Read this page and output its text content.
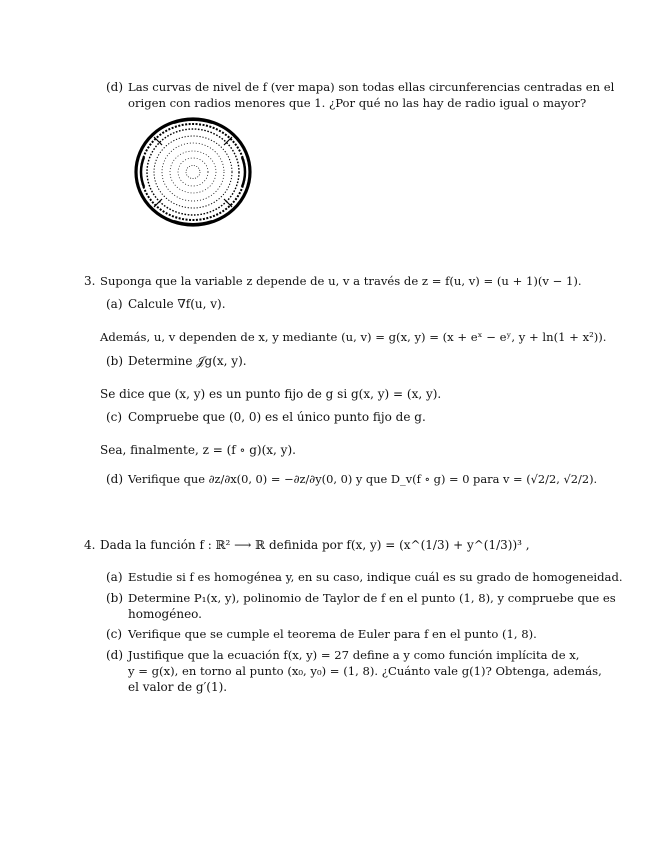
(d) Las curvas de nivel de f (ver mapa) son todas ellas circunferencias centradas en el
origen con radios menores que 1. ¿Por qué no las hay de radio igual o mayor?
3. Suponga que la variable z depende de u, v a través de z = f(u, v) = (u + 1)(v − 1).
(a) Calcule ∇f(u, v).
Además, u, v dependen de x, y mediante (u, v) = g(x, y) = (x + eˣ − eʸ, y + ln(1 + x²)).
(b) Determine 𝒥g(x, y).
Se dice que (x, y) es un punto fijo de g si g(x, y) = (x, y).
(c) Compruebe que (0, 0) es el único punto fijo de g.
Sea, finalmente, z = (f ∘ g)(x, y).
(d) Verifique que ∂z/∂x(0, 0) = −∂z/∂y(0, 0) y que D_v(f ∘ g) = 0 para v = (√2/2, √2/2).
4. Dada la función f : ℝ² ⟶ ℝ definida por f(x, y) = (x^(1/3) + y^(1/3))³ ,
(a) Estudie si f es homogénea y, en su caso, indique cuál es su grado de homogeneidad.
(b) Determine P₁(x, y), polinomio de Taylor de f en el punto (1, 8), y compruebe que es
homogéneo.
(c) Verifique que se cumple el teorema de Euler para f en el punto (1, 8).
(d) Justifique que la ecuación f(x, y) = 27 define a y como función implícita de x,
y = g(x), en torno al punto (x₀, y₀) = (1, 8). ¿Cuánto vale g(1)? Obtenga, además,
el valor de g′(1).
